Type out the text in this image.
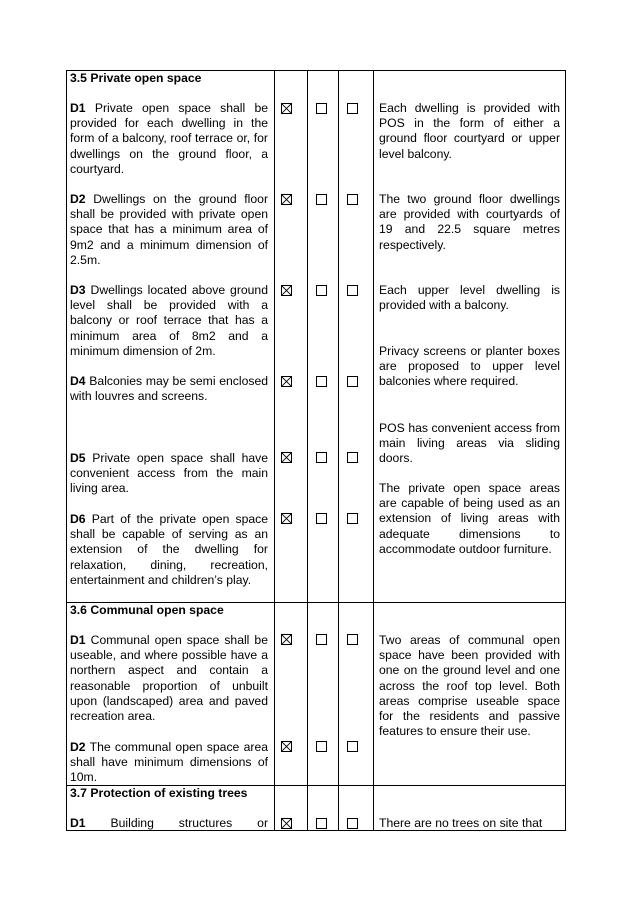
3.5 Private open space

D1 Private open space shall be provided for each dwelling in the form of a balcony, roof terrace or, for dwellings on the ground floor, a courtyard.

Each dwelling is provided with POS in the form of either a ground floor courtyard or upper level balcony.

D2 Dwellings on the ground floor shall be provided with private open space that has a minimum area of 9m2 and a minimum dimension of 2.5m.

The two ground floor dwellings are provided with courtyards of 19 and 22.5 square metres respectively.

D3 Dwellings located above ground level shall be provided with a balcony or roof terrace that has a minimum area of 8m2 and a minimum dimension of 2m.

Each upper level dwelling is provided with a balcony.

D4 Balconies may be semi enclosed with louvres and screens.

Privacy screens or planter boxes are proposed to upper level balconies where required.

D5 Private open space shall have convenient access from the main living area.

POS has convenient access from main living areas via sliding doors.

D6 Part of the private open space shall be capable of serving as an extension of the dwelling for relaxation, dining, recreation, entertainment and children’s play.

The private open space areas are capable of being used as an extension of living areas with adequate dimensions to accommodate outdoor furniture.

3.6 Communal open space

D1 Communal open space shall be useable, and where possible have a northern aspect and contain a reasonable proportion of unbuilt upon (landscaped) area and paved recreation area.

Two areas of communal open space have been provided with one on the ground level and one across the roof top level. Both areas comprise useable space for the residents and passive features to ensure their use.

D2 The communal open space area shall have minimum dimensions of 10m.

3.7 Protection of existing trees

D1 Building structures or	There are no trees on site that
